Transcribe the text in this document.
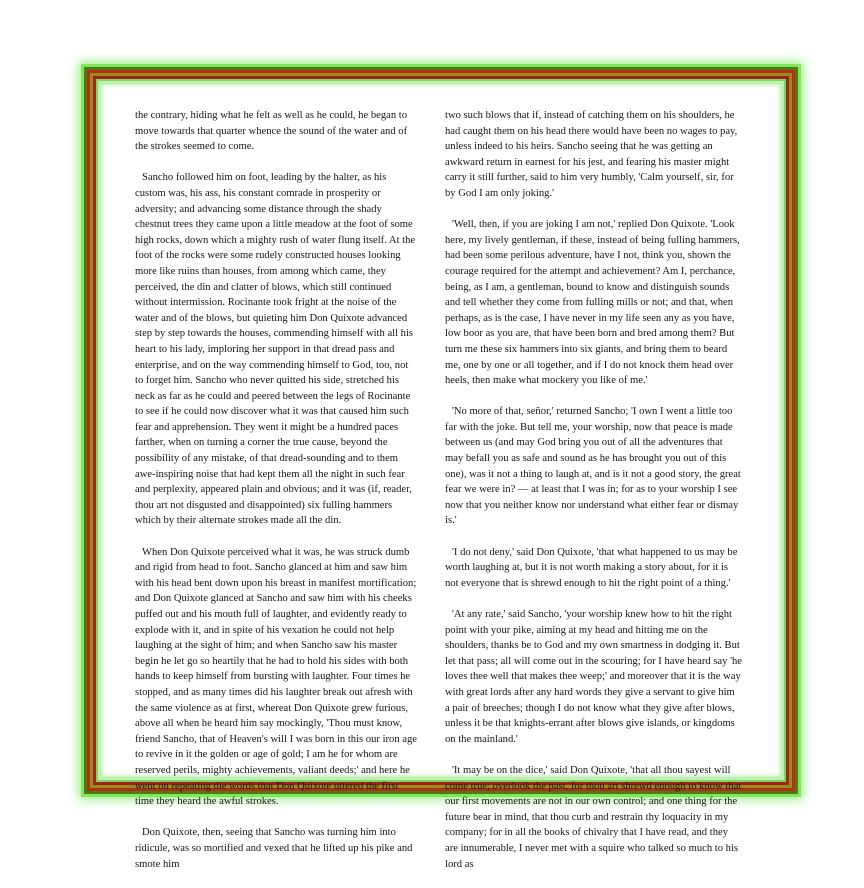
the contrary, hiding what he felt as well as he could, he began to move towards that quarter whence the sound of the water and of the strokes seemed to come.

Sancho followed him on foot, leading by the halter, as his custom was, his ass, his constant comrade in prosperity or adversity; and advancing some distance through the shady chestnut trees they came upon a little meadow at the foot of some high rocks, down which a mighty rush of water flung itself. At the foot of the rocks were some rudely constructed houses looking more like ruins than houses, from among which came, they perceived, the din and clatter of blows, which still continued without intermission. Rocinante took fright at the noise of the water and of the blows, but quieting him Don Quixote advanced step by step towards the houses, commending himself with all his heart to his lady, imploring her support in that dread pass and enterprise, and on the way commending himself to God, too, not to forget him. Sancho who never quitted his side, stretched his neck as far as he could and peered between the legs of Rocinante to see if he could now discover what it was that caused him such fear and apprehension. They went it might be a hundred paces farther, when on turning a corner the true cause, beyond the possibility of any mistake, of that dread-sounding and to them awe-inspiring noise that had kept them all the night in such fear and perplexity, appeared plain and obvious; and it was (if, reader, thou art not disgusted and disappointed) six fulling hammers which by their alternate strokes made all the din.

When Don Quixote perceived what it was, he was struck dumb and rigid from head to foot. Sancho glanced at him and saw him with his head bent down upon his breast in manifest mortification; and Don Quixote glanced at Sancho and saw him with his cheeks puffed out and his mouth full of laughter, and evidently ready to explode with it, and in spite of his vexation he could not help laughing at the sight of him; and when Sancho saw his master begin he let go so heartily that he had to hold his sides with both hands to keep himself from bursting with laughter. Four times he stopped, and as many times did his laughter break out afresh with the same violence as at first, whereat Don Quixote grew furious, above all when he heard him say mockingly, 'Thou must know, friend Sancho, that of Heaven's will I was born in this our iron age to revive in it the golden or age of gold; I am he for whom are reserved perils, mighty achievements, valiant deeds;' and here he went on repeating the words that Don Quixote uttered the first time they heard the awful strokes.

Don Quixote, then, seeing that Sancho was turning him into ridicule, was so mortified and vexed that he lifted up his pike and smote him

two such blows that if, instead of catching them on his shoulders, he had caught them on his head there would have been no wages to pay, unless indeed to his heirs. Sancho seeing that he was getting an awkward return in earnest for his jest, and fearing his master might carry it still further, said to him very humbly, 'Calm yourself, sir, for by God I am only joking.'

'Well, then, if you are joking I am not,' replied Don Quixote. 'Look here, my lively gentleman, if these, instead of being fulling hammers, had been some perilous adventure, have I not, think you, shown the courage required for the attempt and achievement? Am I, perchance, being, as I am, a gentleman, bound to know and distinguish sounds and tell whether they come from fulling mills or not; and that, when perhaps, as is the case, I have never in my life seen any as you have, low boor as you are, that have been born and bred among them? But turn me these six hammers into six giants, and bring them to beard me, one by one or all together, and if I do not knock them head over heels, then make what mockery you like of me.'

'No more of that, señor,' returned Sancho; 'I own I went a little too far with the joke. But tell me, your worship, now that peace is made between us (and may God bring you out of all the adventures that may befall you as safe and sound as he has brought you out of this one), was it not a thing to laugh at, and is it not a good story, the great fear we were in? — at least that I was in; for as to your worship I see now that you neither know nor understand what either fear or dismay is.'

'I do not deny,' said Don Quixote, 'that what happened to us may be worth laughing at, but it is not worth making a story about, for it is not everyone that is shrewd enough to hit the right point of a thing.'

'At any rate,' said Sancho, 'your worship knew how to hit the right point with your pike, aiming at my head and hitting me on the shoulders, thanks be to God and my own smartness in dodging it. But let that pass; all will come out in the scouring; for I have heard say 'he loves thee well that makes thee weep;' and moreover that it is the way with great lords after any hard words they give a servant to give him a pair of breeches; though I do not know what they give after blows, unless it be that knights-errant after blows give islands, or kingdoms on the mainland.'

'It may be on the dice,' said Don Quixote, 'that all thou sayest will come true; overlook the past, for thou art shrewd enough to know that our first movements are not in our own control; and one thing for the future bear in mind, that thou curb and restrain thy loquacity in my company; for in all the books of chivalry that I have read, and they are innumerable, I never met with a squire who talked so much to his lord as
